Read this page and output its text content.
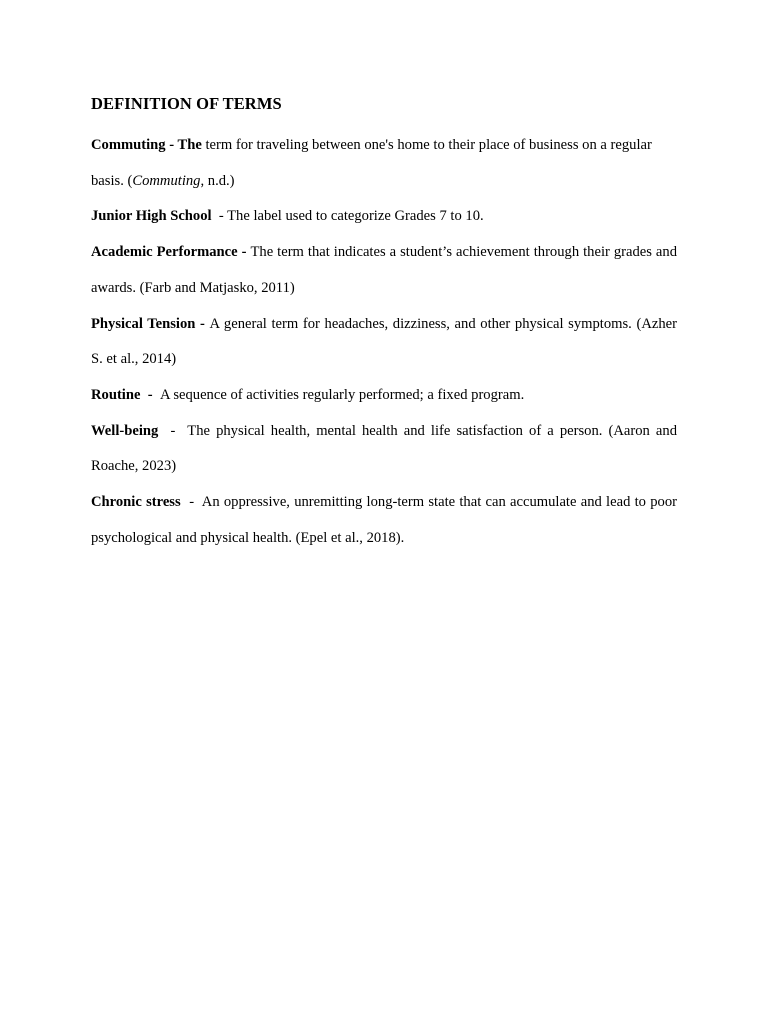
DEFINITION OF TERMS

Commuting - The term for traveling between one's home to their place of business on a regular basis. (Commuting, n.d.)

Junior High School  - The label used to categorize Grades 7 to 10.

Academic Performance - The term that indicates a student’s achievement through their grades and awards. (Farb and Matjasko, 2011)

Physical Tension - A general term for headaches, dizziness, and other physical symptoms. (Azher S. et al., 2014)

Routine  -  A sequence of activities regularly performed; a fixed program.

Well-being  -  The physical health, mental health and life satisfaction of a person. (Aaron and Roache, 2023)

Chronic stress  -  An oppressive, unremitting long-term state that can accumulate and lead to poor psychological and physical health. (Epel et al., 2018).
